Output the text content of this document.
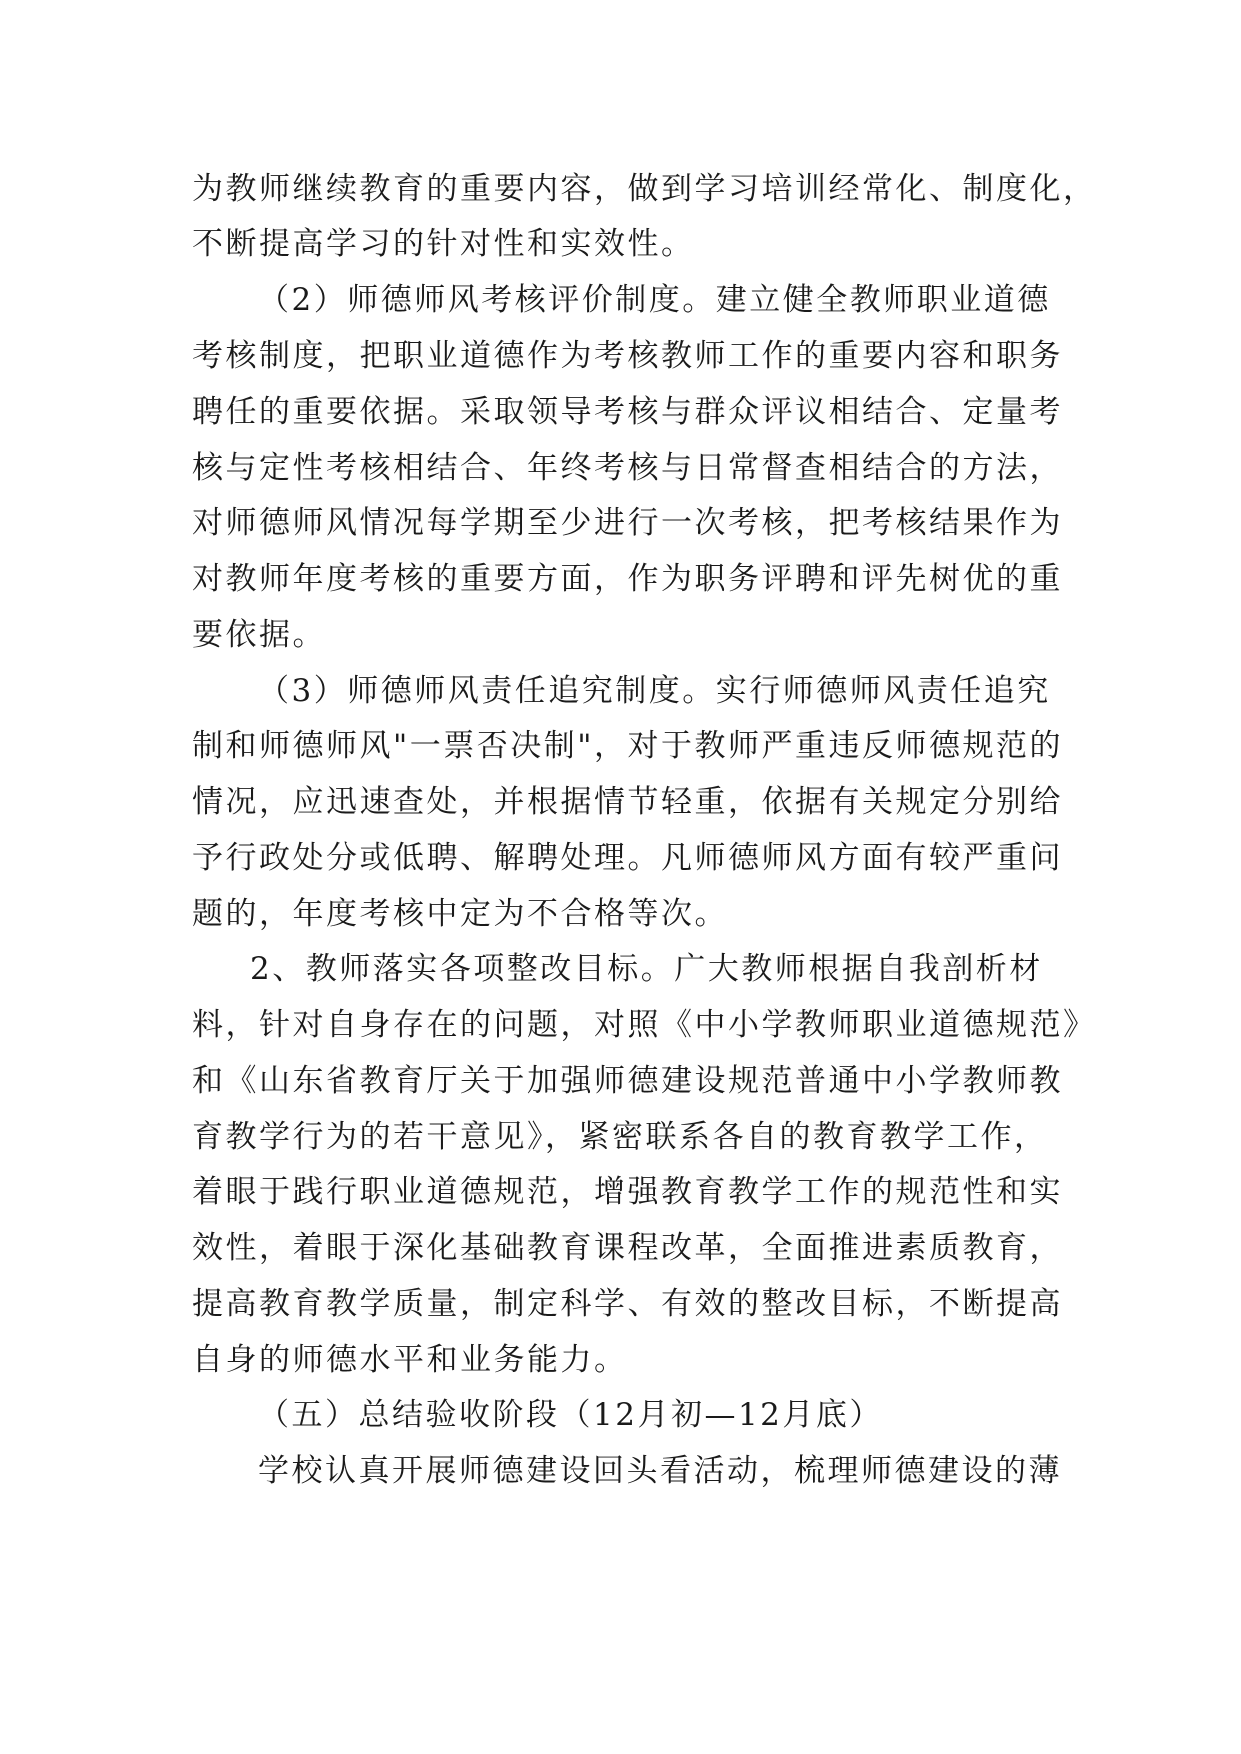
为教师继续教育的重要内容，做到学习培训经常化、制度化，
不断提高学习的针对性和实效性。
（2）师德师风考核评价制度。建立健全教师职业道德
考核制度，把职业道德作为考核教师工作的重要内容和职务
聘任的重要依据。采取领导考核与群众评议相结合、定量考
核与定性考核相结合、年终考核与日常督查相结合的方法，
对师德师风情况每学期至少进行一次考核，把考核结果作为
对教师年度考核的重要方面，作为职务评聘和评先树优的重
要依据。
（3）师德师风责任追究制度。实行师德师风责任追究
制和师德师风"一票否决制"，对于教师严重违反师德规范的
情况，应迅速查处，并根据情节轻重，依据有关规定分别给
予行政处分或低聘、解聘处理。凡师德师风方面有较严重问
题的，年度考核中定为不合格等次。
2、教师落实各项整改目标。广大教师根据自我剖析材
料，针对自身存在的问题，对照《中小学教师职业道德规范》
和《山东省教育厅关于加强师德建设规范普通中小学教师教
育教学行为的若干意见》，紧密联系各自的教育教学工作，
着眼于践行职业道德规范，增强教育教学工作的规范性和实
效性，着眼于深化基础教育课程改革，全面推进素质教育，
提高教育教学质量，制定科学、有效的整改目标，不断提高
自身的师德水平和业务能力。
（五）总结验收阶段（12月初—12月底）
学校认真开展师德建设回头看活动，梳理师德建设的薄
